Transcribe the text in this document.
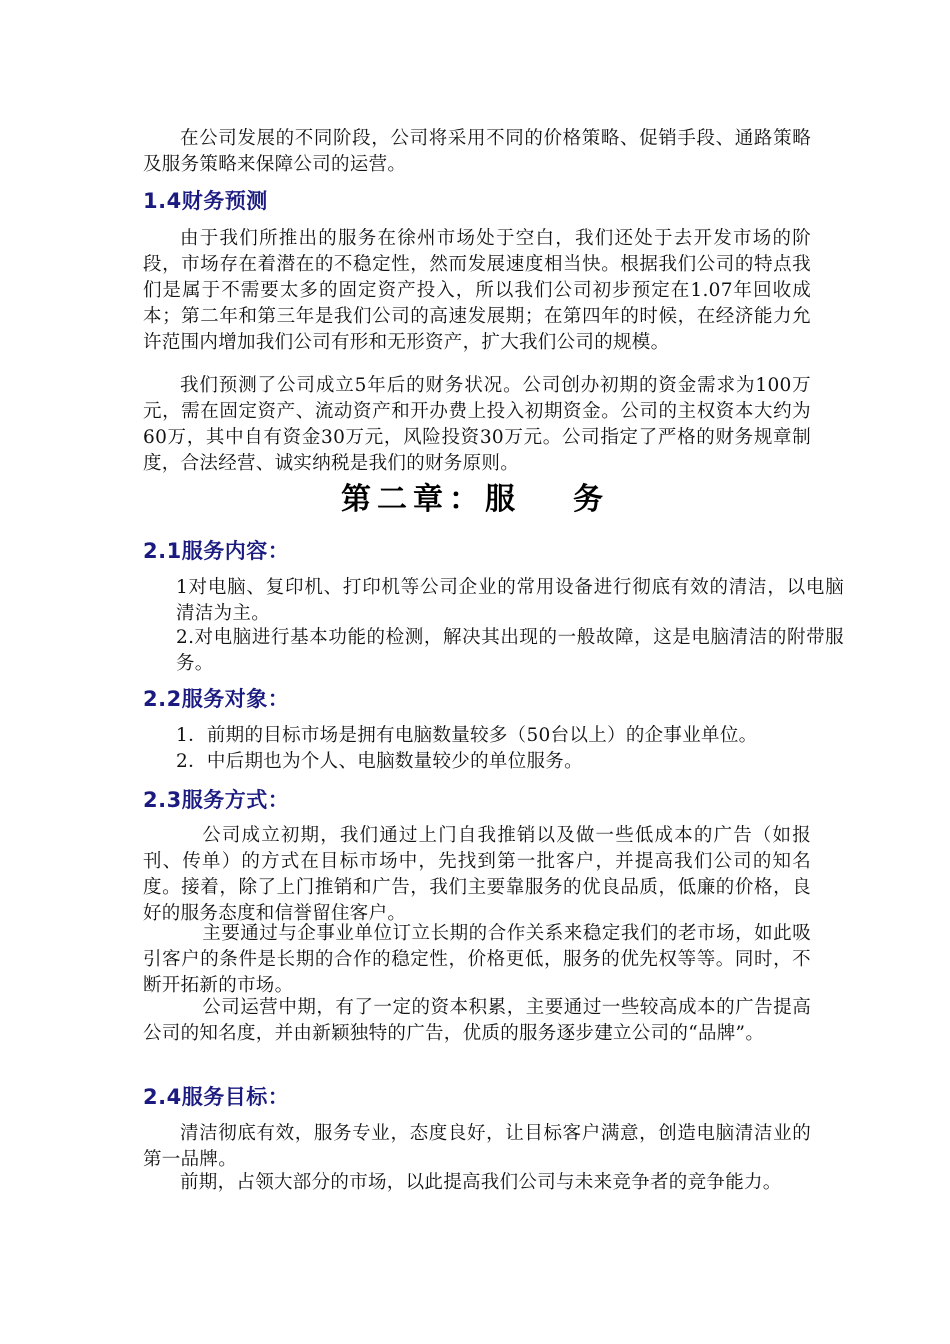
在公司发展的不同阶段，公司将采用不同的价格策略、促销手段、通路策略及服务策略来保障公司的运营。

1.4财务预测

由于我们所推出的服务在徐州市场处于空白，我们还处于去开发市场的阶段，市场存在着潜在的不稳定性，然而发展速度相当快。根据我们公司的特点我们是属于不需要太多的固定资产投入，所以我们公司初步预定在1.07年回收成本；第二年和第三年是我们公司的高速发展期；在第四年的时候，在经济能力允许范围内增加我们公司有形和无形资产，扩大我们公司的规模。

我们预测了公司成立5年后的财务状况。公司创办初期的资金需求为100万元，需在固定资产、流动资产和开办费上投入初期资金。公司的主权资本大约为60万，其中自有资金30万元，风险投资30万元。公司指定了严格的财务规章制度，合法经营、诚实纳税是我们的财务原则。

第二章：服 务
2.1服务内容：

1对电脑、复印机、打印机等公司企业的常用设备进行彻底有效的清洁，以电脑清洁为主。

2.对电脑进行基本功能的检测，解决其出现的一般故障，这是电脑清洁的附带服务。

2.2服务对象：

1．前期的目标市场是拥有电脑数量较多（50台以上）的企事业单位。

2．中后期也为个人、电脑数量较少的单位服务。

2.3服务方式：

公司成立初期，我们通过上门自我推销以及做一些低成本的广告（如报刊、传单）的方式在目标市场中，先找到第一批客户，并提高我们公司的知名度。接着，除了上门推销和广告，我们主要靠服务的优良品质，低廉的价格，良好的服务态度和信誉留住客户。

主要通过与企事业单位订立长期的合作关系来稳定我们的老市场，如此吸引客户的条件是长期的合作的稳定性，价格更低，服务的优先权等等。同时，不断开拓新的市场。

公司运营中期，有了一定的资本积累，主要通过一些较高成本的广告提高公司的知名度，并由新颖独特的广告，优质的服务逐步建立公司的“品牌”。

2.4服务目标：

清洁彻底有效，服务专业，态度良好，让目标客户满意，创造电脑清洁业的第一品牌。

前期，占领大部分的市场，以此提高我们公司与未来竞争者的竞争能力。
